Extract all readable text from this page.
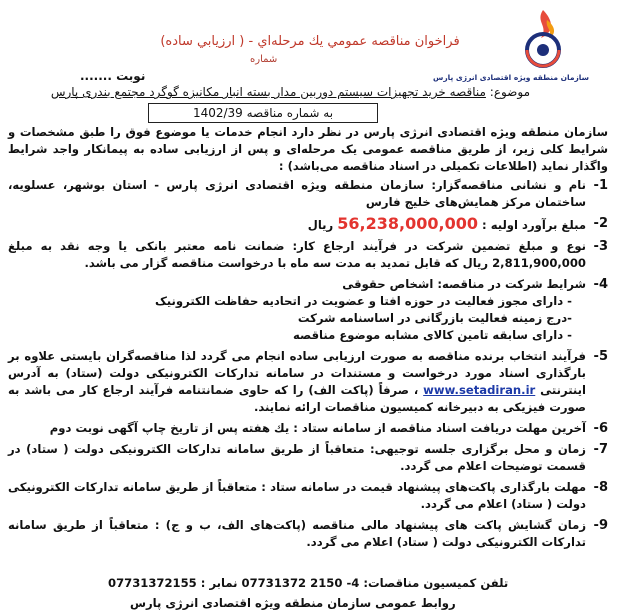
سازمان منطقه ویژه اقتصادی انرژی پارس
فراخوان مناقصه عمومي يك مرحله‌اي - ( ارزيابي ساده)
شماره
نوبت .......
موضوع: مناقصه خرید تجهیزات سیستم دوربین مدار بسته انبار مکانیزه گوگرد مجتمع بندری پارس
به شماره مناقصه 1402/39

سازمان منطقه ویژه اقتصادی انرژی پارس در نظر دارد انجام خدمات یا موضوع فوق را طبق مشخصات و شرایط کلی زیر، از طریق مناقصه عمومی یک مرحله‌ای و پس از ارزیابی ساده به پیمانکار واجد شرایط واگذار نماید (اطلاعات تکمیلی در اسناد مناقصه می‌باشد) :

1-
نام و نشانی مناقصه‌گزار: سازمان منطقه ویژه اقتصادی انرژی پارس - استان بوشهر، عسلویه، ساختمان مرکز همایش‌های خلیج فارس
2-
مبلغ برآورد اولیه : 56,238,000,000 ریال
3-
نوع و مبلغ تضمین شرکت در فرآیند ارجاع کار: ضمانت نامه معتبر بانکی یا وجه نقد به مبلغ 2,811,900,000 ریال که قابل تمدید به مدت سه ماه با درخواست مناقصه گزار می باشد.
4-
شرایط شرکت در مناقصه: اشخاص حقوقی
- دارای مجوز فعالیت در حوزه افتا و عضویت در اتحادیه حفاظت الکترونیک
-درج زمینه فعالیت بازرگانی در اساسنامه شرکت
- دارای سابقه تامین کالای مشابه موضوع مناقصه
5-
فرآیند انتخاب برنده مناقصه به صورت ارزیابی ساده انجام می گردد لذا مناقصه‌گران بایستی علاوه بر بارگذاری اسناد مورد درخواست و مستندات در سامانه تدارکات الکترونیکی دولت (ستاد) به آدرس اینترنتی www.setadiran.ir ، صرفاً (پاکت الف) را که حاوی ضمانتنامه فرآیند ارجاع کار می باشد به صورت فیزیکی به دبیرخانه کمیسیون مناقصات ارائه نمایند.
6-
آخرین مهلت دریافت اسناد مناقصه از سامانه ستاد : یك هفته پس از تاریخ چاپ آگهی نوبت دوم
7-
زمان و محل برگزاری جلسه توجیهی: متعاقباً از طریق سامانه تدارکات الکترونیکی دولت ( ستاد) در قسمت توضیحات اعلام می گردد.
8-
مهلت بارگذاری پاکت‌های پیشنهاد قیمت در سامانه ستاد : متعاقباً از طریق سامانه تدارکات الکترونیکی دولت ( ستاد) اعلام می گردد.
9-
زمان گشایش پاکت های پیشنهاد مالی مناقصه (پاکت‌های الف، ب و ج) : متعاقباً از طریق سامانه تدارکات الکترونیکی دولت ( ستاد) اعلام می گردد.
تلفن کمیسیون مناقصات: 4- 2150 07731372 نمابر : 07731372155
روابط عمومی سازمان منطقه ویژه اقتصادی انرژی پارس
